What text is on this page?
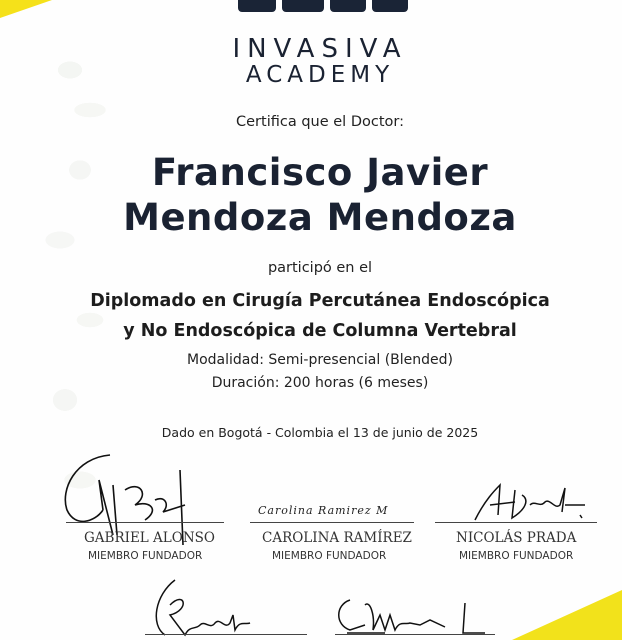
INVASIVA
ACADEMY
Certifica que el Doctor:
Francisco Javier
Mendoza Mendoza
participó en el
Diplomado en Cirugía Percutánea Endoscópica
y No Endoscópica de Columna Vertebral
Modalidad: Semi-presencial (Blended)
Duración: 200 horas (6 meses)
Dado en Bogotá - Colombia el 13 de junio de 2025
GABRIEL ALONSO
MIEMBRO FUNDADOR
Carolina Ramirez M
CAROLINA RAMÍREZ
MIEMBRO FUNDADOR
NICOLÁS PRADA
MIEMBRO FUNDADOR
